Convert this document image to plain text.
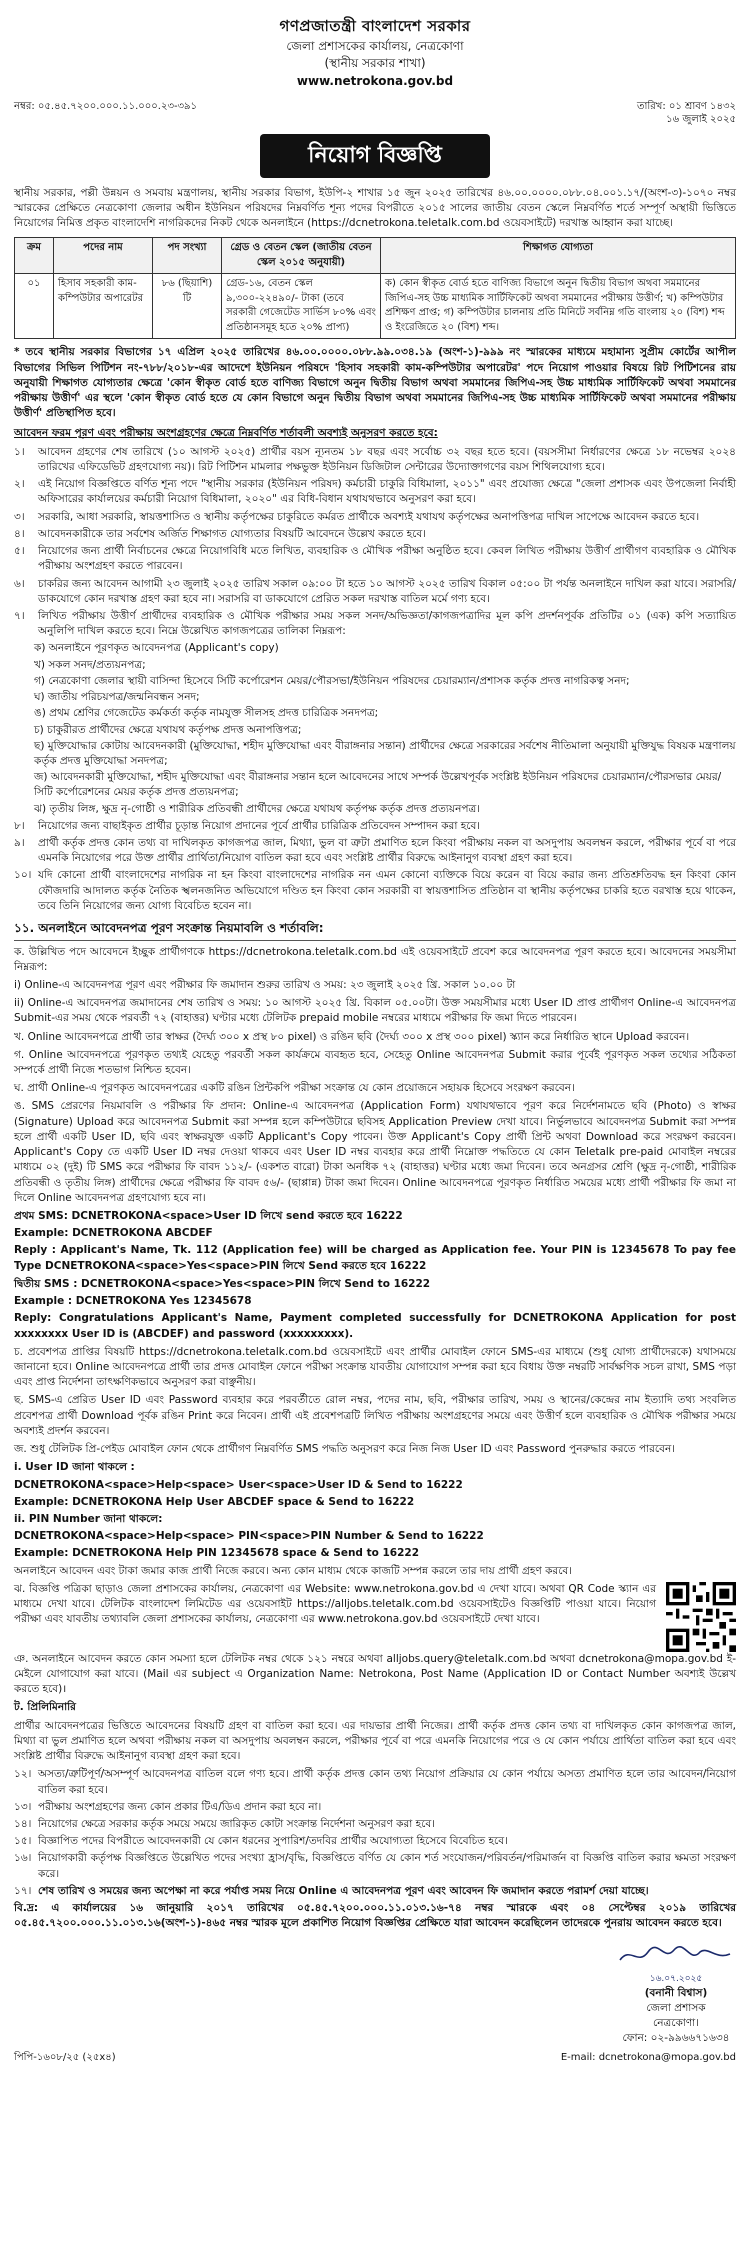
গণপ্রজাতন্ত্রী বাংলাদেশ সরকার
জেলা প্রশাসকের কার্যালয়, নেত্রকোণা
(স্থানীয় সরকার শাখা)
www.netrokona.gov.bd
নম্বর: ০৫.৪৫.৭২০০.০০০.১১.০০০.২৩-৩৯১	তারিখ: ০১ শ্রাবণ ১৪৩২
১৬ জুলাই ২০২৫
নিয়োগ বিজ্ঞপ্তি

স্থানীয় সরকার, পল্লী উন্নয়ন ও সমবায় মন্ত্রণালয়, স্থানীয় সরকার বিভাগ, ইউপি-২ শাখার ১৫ জুন ২০২৫ তারিখের ৪৬.০০.০০০০.০৮৮.০৪.০০১.১৭/(অংশ-৩)-১০৭০ নম্বর স্মারকের প্রেক্ষিতে নেত্রকোণা জেলার অধীন ইউনিয়ন পরিষদের নিম্নবর্ণিত শূন্য পদের বিপরীতে ২০১৫ সালের জাতীয় বেতন স্কেলে নিম্নবর্ণিত শর্তে সম্পূর্ণ অস্থায়ী ভিত্তিতে নিয়োগের নিমিত্ত প্রকৃত বাংলাদেশি নাগরিকদের নিকট থেকে অনলাইনে (https://dcnetrokona.teletalk.com.bd ওয়েবসাইটে) দরখাস্ত আহ্বান করা যাচ্ছে।

ক্রম	পদের নাম	পদ সংখ্যা	গ্রেড ও বেতন স্কেল (জাতীয় বেতন স্কেল ২০১৫ অনুযায়ী)	শিক্ষাগত যোগ্যতা
০১	হিসাব সহকারী কাম-কম্পিউটার অপারেটর	৮৬ (ছিয়াশি) টি	গ্রেড-১৬, বেতন স্কেল ৯,৩০০-২২৪৯০/- টাকা (তবে সরকারী গেজেটেড সার্ভিস ৮০% এবং প্রতিষ্ঠানসমূহ হতে ২০% প্রাপ্য)	ক) কোন স্বীকৃত বোর্ড হতে বাণিজ্য বিভাগে অনুন দ্বিতীয় বিভাগ অথবা সমমানের জিপিএ-সহ উচ্চ মাধ্যমিক সার্টিফিকেট অথবা সমমানের পরীক্ষায় উত্তীর্ণ; খ) কম্পিউটার প্রশিক্ষণ প্রাপ্ত; গ) কম্পিউটার চালনায় প্রতি মিনিটে সর্বনিম্ন গতি বাংলায় ২০ (বিশ) শব্দ ও ইংরেজিতে ২০ (বিশ) শব্দ।

* তবে স্থানীয় সরকার বিভাগের ১৭ এপ্রিল ২০২৫ তারিখের ৪৬.০০.০০০০.০৮৮.৯৯.০৩৪.১৯ (অংশ-১)-৯৯৯ নং স্মারকের মাধ্যমে মহামান্য সুপ্রীম কোর্টের আপীল বিভাগের সিভিল পিটিশন নং-৭৮৮/২০১৮-এর আদেশে ইউনিয়ন পরিষদে 'হিসাব সহকারী কাম-কম্পিউটার অপারেটর' পদে নিয়োগ পাওয়ার বিষয়ে রিট পিটিশনের রায় অনুযায়ী শিক্ষাগত যোগ্যতার ক্ষেত্রে 'কোন স্বীকৃত বোর্ড হতে বাণিজ্য বিভাগে অনুন দ্বিতীয় বিভাগ অথবা সমমানের জিপিএ-সহ উচ্চ মাধ্যমিক সার্টিফিকেট অথবা সমমানের পরীক্ষায় উত্তীর্ণ' এর স্থলে 'কোন স্বীকৃত বোর্ড হতে যে কোন বিভাগে অনুন দ্বিতীয় বিভাগ অথবা সমমানের জিপিএ-সহ উচ্চ মাধ্যমিক সার্টিফিকেট অথবা সমমানের পরীক্ষায় উত্তীর্ণ' প্রতিস্থাপিত হবে।

আবেদন ফরম পূরণ এবং পরীক্ষায় অংশগ্রহণের ক্ষেত্রে নিম্নবর্ণিত শর্তাবলী অবশ্যই অনুসরণ করতে হবে:

১।	আবেদন গ্রহণের শেষ তারিখে (১০ আগস্ট ২০২৫) প্রার্থীর বয়স ন্যূনতম ১৮ বছর এবং সর্বোচ্চ ৩২ বছর হতে হবে। (বয়সসীমা নির্ধারণের ক্ষেত্রে ১৮ নভেম্বর ২০২৪ তারিখের এফিডেভিট গ্রহণযোগ্য নয়)। রিট পিটিশন মামলার পক্ষভুক্ত ইউনিয়ন ডিজিটাল সেন্টারের উদ্যোক্তাগণের বয়স শিথিলযোগ্য হবে।
২।	এই নিয়োগ বিজ্ঞপ্তিতে বর্ণিত শূন্য পদে "স্থানীয় সরকার (ইউনিয়ন পরিষদ) কর্মচারী চাকুরি বিধিমালা, ২০১১" এবং প্রযোজ্য ক্ষেত্রে "জেলা প্রশাসক এবং উপজেলা নির্বাহী অফিসারের কার্যালয়ের কর্মচারী নিয়োগ বিধিমালা, ২০২০" এর বিধি-বিধান যথাযথভাবে অনুসরণ করা হবে।
৩।	সরকারি, আধা সরকারি, স্বায়ত্তশাসিত ও স্থানীয় কর্তৃপক্ষের চাকুরিতে কর্মরত প্রার্থীকে অবশ্যই যথাযথ কর্তৃপক্ষের অনাপত্তিপত্র দাখিল সাপেক্ষে আবেদন করতে হবে।
৪।	আবেদনকারীকে তার সর্বশেষ অর্জিত শিক্ষাগত যোগ্যতার বিষয়টি আবেদনে উল্লেখ করতে হবে।
৫।	নিয়োগের জন্য প্রার্থী নির্বাচনের ক্ষেত্রে নিয়োগবিধি মতে লিখিত, ব্যবহারিক ও মৌখিক পরীক্ষা অনুষ্ঠিত হবে। কেবল লিখিত পরীক্ষায় উত্তীর্ণ প্রার্থীগণ ব্যবহারিক ও মৌখিক পরীক্ষায় অংশগ্রহণ করতে পারবেন।
৬।	চাকরির জন্য আবেদন আগামী ২৩ জুলাই ২০২৫ তারিখ সকাল ০৯:০০ টা হতে ১০ আগস্ট ২০২৫ তারিখ বিকাল ০৫:০০ টা পর্যন্ত অনলাইনে দাখিল করা যাবে। সরাসরি/ডাকযোগে কোন দরখাস্ত গ্রহণ করা হবে না। সরাসরি বা ডাকযোগে প্রেরিত সকল দরখাস্ত বাতিল মর্মে গণ্য হবে।
৭।	লিখিত পরীক্ষায় উত্তীর্ণ প্রার্থীদের ব্যবহারিক ও মৌখিক পরীক্ষার সময় সকল সনদ/অভিজ্ঞতা/কাগজপত্রাদির মূল কপি প্রদর্শনপূর্বক প্রতিটির ০১ (এক) কপি সত্যায়িত অনুলিপি দাখিল করতে হবে। নিম্নে উল্লেখিত কাগজপত্রের তালিকা নিম্নরূপ:
ক) অনলাইনে পূরণকৃত আবেদনপত্র (Applicant's copy)
খ) সকল সনদ/প্রত্যয়নপত্র;
গ) নেত্রকোণা জেলার স্থায়ী বাসিন্দা হিসেবে সিটি কর্পোরেশন মেয়র/পৌরসভা/ইউনিয়ন পরিষদের চেয়ারম্যান/প্রশাসক কর্তৃক প্রদত্ত নাগরিকত্ব সনদ;
ঘ) জাতীয় পরিচয়পত্র/জন্মনিবন্ধন সনদ;
ঙ) প্রথম শ্রেণির গেজেটেড কর্মকর্তা কর্তৃক নামযুক্ত সীলসহ প্রদত্ত চারিত্রিক সনদপত্র;
চ) চাকুরীরত প্রার্থীদের ক্ষেত্রে যথাযথ কর্তৃপক্ষ প্রদত্ত অনাপত্তিপত্র;
ছ) মুক্তিযোদ্ধার কোটায় আবেদনকারী (মুক্তিযোদ্ধা, শহীদ মুক্তিযোদ্ধা এবং বীরাঙ্গনার সন্তান) প্রার্থীদের ক্ষেত্রে সরকারের সর্বশেষ নীতিমালা অনুযায়ী মুক্তিযুদ্ধ বিষয়ক মন্ত্রণালয় কর্তৃক প্রদত্ত মুক্তিযোদ্ধা সনদপত্র;
জ) আবেদনকারী মুক্তিযোদ্ধা, শহীদ মুক্তিযোদ্ধা এবং বীরাঙ্গনার সন্তান হলে আবেদনের সাথে সম্পর্ক উল্লেখপূর্বক সংশ্লিষ্ট ইউনিয়ন পরিষদের চেয়ারম্যান/পৌরসভার মেয়র/সিটি কর্পোরেশনের মেয়র কর্তৃক প্রদত্ত প্রত্যয়নপত্র;
ঝ) তৃতীয় লিঙ্গ, ক্ষুদ্র নৃ-গোষ্ঠী ও শারীরিক প্রতিবন্ধী প্রার্থীদের ক্ষেত্রে যথাযথ কর্তৃপক্ষ কর্তৃক প্রদত্ত প্রত্যয়নপত্র।
৮।	নিয়োগের জন্য বাছাইকৃত প্রার্থীর চূড়ান্ত নিয়োগ প্রদানের পূর্বে প্রার্থীর চারিত্রিক প্রতিবেদন সম্পাদন করা হবে।
৯।	প্রার্থী কর্তৃক প্রদত্ত কোন তথ্য বা দাখিলকৃত কাগজপত্র জাল, মিথ্যা, ভুল বা ত্রুটা প্রমাণিত হলে কিংবা পরীক্ষায় নকল বা অসদুপায় অবলম্বন করলে, পরীক্ষার পূর্বে বা পরে এমনকি নিয়োগের পরে উক্ত প্রার্থীর প্রার্থিতা/নিয়োগ বাতিল করা হবে এবং সংশ্লিষ্ট প্রার্থীর বিরুদ্ধে আইনানুগ ব্যবস্থা গ্রহণ করা হবে।
১০। যদি কোনো প্রার্থী বাংলাদেশের নাগরিক না হন কিংবা বাংলাদেশের নাগরিক নন এমন কোনো ব্যক্তিকে বিয়ে করেন বা বিয়ে করার জন্য প্রতিশ্রুতিবদ্ধ হন কিংবা কোন ফৌজদারি আদালত কর্তৃক নৈতিক স্খলনজনিত অভিযোগে দণ্ডিত হন কিংবা কোন সরকারী বা স্বায়ত্তশাসিত প্রতিষ্ঠান বা স্থানীয় কর্তৃপক্ষের চাকরি হতে বরখাস্ত হয়ে থাকেন, তবে তিনি নিয়োগের জন্য যোগ্য বিবেচিত হবেন না।
১১. অনলাইনে আবেদনপত্র পূরণ সংক্রান্ত নিয়মাবলি ও শর্তাবলি:

ক. উল্লিখিত পদে আবেদনে ইচ্ছুক প্রার্থীগণকে https://dcnetrokona.teletalk.com.bd এই ওয়েবসাইটে প্রবেশ করে আবেদনপত্র পূরণ করতে হবে। আবেদনের সময়সীমা নিম্নরূপ:

i) Online-এ আবেদনপত্র পূরণ এবং পরীক্ষার ফি জমাদান শুরুর তারিখ ও সময়: ২৩ জুলাই ২০২৫ খ্রি. সকাল ১০.০০ টা

ii) Online-এ আবেদনপত্র জমাদানের শেষ তারিখ ও সময়: ১০ আগস্ট ২০২৫ খ্রি. বিকাল ০৫.০০টা। উক্ত সময়সীমার মধ্যে User ID প্রাপ্ত প্রার্থীগণ Online-এ আবেদনপত্র Submit-এর সময় থেকে পরবর্তী ৭২ (বাহাত্তর) ঘণ্টার মধ্যে টেলিটক prepaid mobile নম্বরের মাধ্যমে পরীক্ষার ফি জমা দিতে পারবেন।

খ. Online আবেদনপত্রে প্রার্থী তার স্বাক্ষর (দৈর্ঘ্য ৩০০ x প্রস্থ ৮০ pixel) ও রঙিন ছবি (দৈর্ঘ্য ৩০০ x প্রস্থ ৩০০ pixel) স্ক্যান করে নির্ধারিত স্থানে Upload করবেন।

গ. Online আবেদনপত্রে পূরণকৃত তথ্যই যেহেতু পরবর্তী সকল কার্যক্রমে ব্যবহৃত হবে, সেহেতু Online আবেদনপত্র Submit করার পূর্বেই পূরণকৃত সকল তথ্যের সঠিকতা সম্পর্কে প্রার্থী নিজে শতভাগ নিশ্চিত হবেন।

ঘ. প্রার্থী Online-এ পূরণকৃত আবেদনপত্রের একটি রঙিন প্রিন্টকপি পরীক্ষা সংক্রান্ত যে কোন প্রয়োজনে সহায়ক হিসেবে সংরক্ষণ করবেন।

ঙ. SMS প্রেরণের নিয়মাবলি ও পরীক্ষার ফি প্রদান: Online-এ আবেদনপত্র (Application Form) যথাযথভাবে পূরণ করে নির্দেশনামতে ছবি (Photo) ও স্বাক্ষর (Signature) Upload করে আবেদনপত্র Submit করা সম্পন্ন হলে কম্পিউটারে ছবিসহ Application Preview দেখা যাবে। নির্ভুলভাবে আবেদনপত্র Submit করা সম্পন্ন হলে প্রার্থী একটি User ID, ছবি এবং স্বাক্ষরযুক্ত একটি Applicant's Copy পাবেন। উক্ত Applicant's Copy প্রার্থী প্রিন্ট অথবা Download করে সংরক্ষণ করবেন। Applicant's Copy তে একটি User ID নম্বর দেওয়া থাকবে এবং User ID নম্বর ব্যবহার করে প্রার্থী নিম্নোক্ত পদ্ধতিতে যে কোন Teletalk pre-paid মোবাইল নম্বরের মাধ্যমে ০২ (দুই) টি SMS করে পরীক্ষার ফি বাবদ ১১২/- (একশত বারো) টাকা অনধিক ৭২ (বাহাত্তর) ঘণ্টার মধ্যে জমা দিবেন। তবে অনগ্রসর শ্রেণি (ক্ষুদ্র নৃ-গোষ্ঠী, শারীরিক প্রতিবন্ধী ও তৃতীয় লিঙ্গ) প্রার্থীদের ক্ষেত্রে পরীক্ষার ফি বাবদ ৫৬/- (ছাপ্পান্ন) টাকা জমা দিবেন। Online আবেদনপত্রে পূরণকৃত নির্ধারিত সময়ের মধ্যে প্রার্থী পরীক্ষার ফি জমা না দিলে Online আবেদনপত্র গ্রহণযোগ্য হবে না।

প্রথম SMS: DCNETROKONA<space>User ID লিখে send করতে হবে 16222
Example: DCNETROKONA ABCDEF

Reply : Applicant's Name, Tk. 112 (Application fee) will be charged as Application fee. Your PIN is 12345678 To pay fee Type DCNETROKONA<space>Yes<space>PIN লিখে Send করতে হবে 16222

দ্বিতীয় SMS : DCNETROKONA<space>Yes<space>PIN লিখে Send to 16222
Example : DCNETROKONA Yes 12345678

Reply: Congratulations Applicant's Name, Payment completed successfully for DCNETROKONA Application for post xxxxxxxx User ID is (ABCDEF) and password (xxxxxxxxx).

চ. প্রবেশপত্র প্রাপ্তির বিষয়টি https://dcnetrokona.teletalk.com.bd ওয়েবসাইটে এবং প্রার্থীর মোবাইল ফোনে SMS-এর মাধ্যমে (শুধু যোগ্য প্রার্থীদেরকে) যথাসময়ে জানানো হবে। Online আবেদনপত্রে প্রার্থী তার প্রদত্ত মোবাইল ফোনে পরীক্ষা সংক্রান্ত যাবতীয় যোগাযোগ সম্পন্ন করা হবে বিধায় উক্ত নম্বরটি সার্বক্ষণিক সচল রাখা, SMS পড়া এবং প্রাপ্ত নির্দেশনা তাৎক্ষণিকভাবে অনুসরণ করা বাঞ্ছনীয়।

ছ. SMS-এ প্রেরিত User ID এবং Password ব্যবহার করে পরবর্তীতে রোল নম্বর, পদের নাম, ছবি, পরীক্ষার তারিখ, সময় ও স্থানের/কেন্দ্রের নাম ইত্যাদি তথ্য সংবলিত প্রবেশপত্র প্রার্থী Download পূর্বক রঙিন Print করে নিবেন। প্রার্থী এই প্রবেশপত্রটি লিখিত পরীক্ষায় অংশগ্রহণের সময়ে এবং উত্তীর্ণ হলে ব্যবহারিক ও মৌখিক পরীক্ষার সময়ে অবশ্যই প্রদর্শন করবেন।

জ. শুধু টেলিটক প্রি-পেইড মোবাইল ফোন থেকে প্রার্থীগণ নিম্নবর্ণিত SMS পদ্ধতি অনুসরণ করে নিজ নিজ User ID এবং Password পুনরুদ্ধার করতে পারবেন।

i. User ID জানা থাকলে :
DCNETROKONA<space>Help<space> User<space>User ID & Send to 16222
Example: DCNETROKONA Help User ABCDEF space & Send to 16222
ii. PIN Number জানা থাকলে:
DCNETROKONA<space>Help<space> PIN<space>PIN Number & Send to 16222
Example: DCNETROKONA Help PIN 12345678 space & Send to 16222

অনলাইনে আবেদন এবং টাকা জমার কাজ প্রার্থী নিজে করবে। অন্য কোন মাধ্যম থেকে কাজটি সম্পন্ন করলে তার দায় প্রার্থী গ্রহণ করবে।

ঝ. বিজ্ঞপ্তি পত্রিকা ছাড়াও জেলা প্রশাসকের কার্যালয়, নেত্রকোণা এর Website: www.netrokona.gov.bd এ দেখা যাবে। অথবা QR Code স্ক্যান এর মাধ্যমে দেখা যাবে। টেলিটক বাংলাদেশ লিমিটেড এর ওয়েবসাইট https://alljobs.teletalk.com.bd ওয়েবসাইটেও বিজ্ঞপ্তিটি পাওয়া যাবে। নিয়োগ পরীক্ষা এবং যাবতীয় তথ্যাবলি জেলা প্রশাসকের কার্যালয়, নেত্রকোণা এর www.netrokona.gov.bd ওয়েবসাইটে দেখা যাবে।

ঞ. অনলাইনে আবেদন করতে কোন সমস্যা হলে টেলিটক নম্বর থেকে ১২১ নম্বরে অথবা alljobs.query@teletalk.com.bd অথবা dcnetrokona@mopa.gov.bd ই-মেইলে যোগাযোগ করা যাবে। (Mail এর subject এ Organization Name: Netrokona, Post Name (Application ID or Contact Number অবশ্যই উল্লেখ করতে হবে)।

ট. প্রিলিমিনারি

প্রার্থীর আবেদনপত্রের ভিত্তিতে আবেদনের বিষয়টি গ্রহণ বা বাতিল করা হবে। এর দায়ভার প্রার্থী নিজের। প্রার্থী কর্তৃক প্রদত্ত কোন তথ্য বা দাখিলকৃত কোন কাগজপত্র জাল, মিথ্যা বা ভুল প্রমাণিত হলে অথবা পরীক্ষায় নকল বা অসদুপায় অবলম্বন করলে, পরীক্ষার পূর্বে বা পরে এমনকি নিয়োগের পরে ও যে কোন পর্যায়ে প্রার্থিতা বাতিল করা হবে এবং সংশ্লিষ্ট প্রার্থীর বিরুদ্ধে আইনানুগ ব্যবস্থা গ্রহণ করা হবে।

১২। অসত্য/ত্রুটিপূর্ণ/অসম্পূর্ণ আবেদনপত্র বাতিল বলে গণ্য হবে। প্রার্থী কর্তৃক প্রদত্ত কোন তথ্য নিয়োগ প্রক্রিয়ার যে কোন পর্যায়ে অসত্য প্রমাণিত হলে তার আবেদন/নিয়োগ বাতিল করা হবে।
১৩। পরীক্ষায় অংশগ্রহণের জন্য কোন প্রকার টিএ/ডিএ প্রদান করা হবে না।
১৪। নিয়োগের ক্ষেত্রে সরকার কর্তৃক সময়ে সময়ে জারিকৃত কোটা সংক্রান্ত নির্দেশনা অনুসরণ করা হবে।
১৫। বিজ্ঞাপিত পদের বিপরীতে আবেদনকারী যে কোন ধরনের সুপারিশ/তদবির প্রার্থীর অযোগ্যতা হিসেবে বিবেচিত হবে।
১৬। নিয়োগকারী কর্তৃপক্ষ বিজ্ঞপ্তিতে উল্লেখিত পদের সংখ্যা হ্রাস/বৃদ্ধি, বিজ্ঞপ্তিতে বর্ণিত যে কোন শর্ত সংযোজন/পরিবর্তন/পরিমার্জন বা বিজ্ঞপ্তি বাতিল করার ক্ষমতা সংরক্ষণ করে।
১৭। শেষ তারিখ ও সময়ের জন্য অপেক্ষা না করে পর্যাপ্ত সময় নিয়ে Online এ আবেদনপত্র পূরণ এবং আবেদন ফি জমাদান করতে পরামর্শ দেয়া যাচ্ছে।

বি.দ্র: এ কার্যালয়ের ১৬ জানুয়ারি ২০১৭ তারিখের ০৫.৪৫.৭২০০.০০০.১১.০১৩.১৬-৭৪ নম্বর স্মারকে এবং ০৪ সেপ্টেম্বর ২০১৯ তারিখের ০৫.৪৫.৭২০০.০০০.১১.০১৩.১৬(অংশ-১)-৪৬৫ নম্বর স্মারক মূলে প্রকাশিত নিয়োগ বিজ্ঞপ্তির প্রেক্ষিতে যারা আবেদন করেছিলেন তাদেরকে পুনরায় আবেদন করতে হবে।

১৬.০৭.২০২৫
(বনানী বিশ্বাস)
জেলা প্রশাসক
নেত্রকোণা।
ফোন: ০২-৯৯৬৬৭১৬৩৪
পিপি-১৬০৮/২৫ (২৫x৪)	E-mail: dcnetrokona@mopa.gov.bd
